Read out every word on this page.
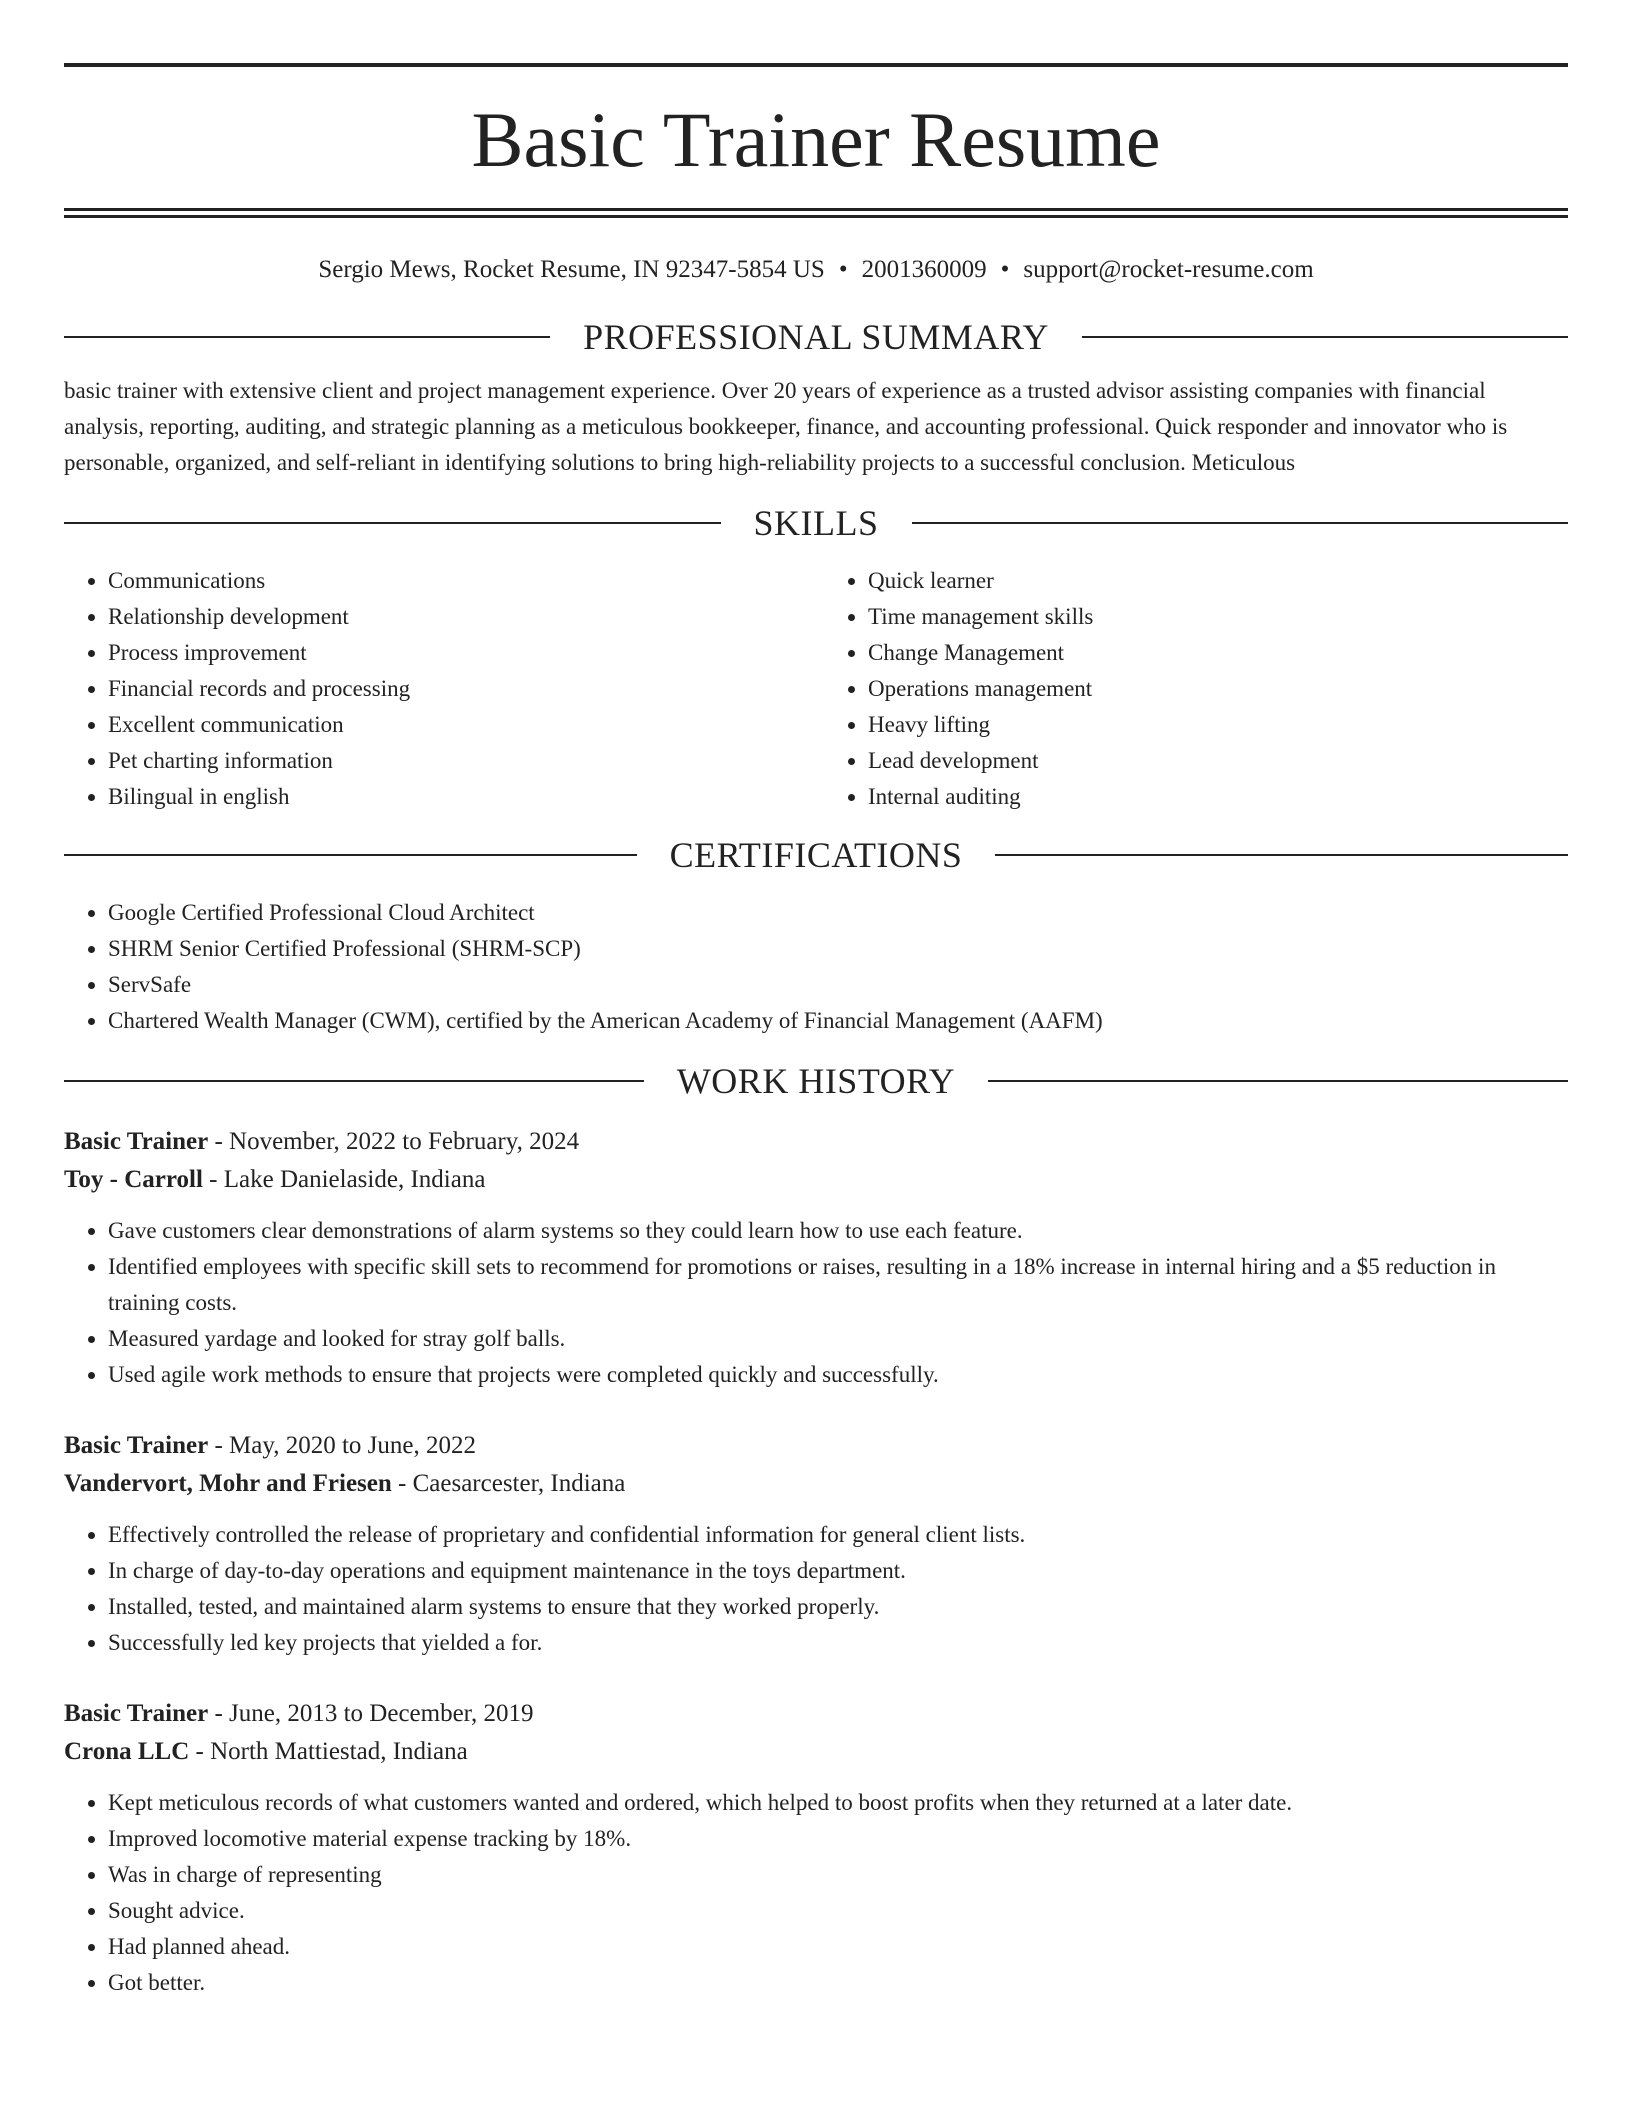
Basic Trainer Resume
Sergio Mews, Rocket Resume, IN 92347-5854 US • 2001360009 • support@rocket-resume.com
PROFESSIONAL SUMMARY
basic trainer with extensive client and project management experience. Over 20 years of experience as a trusted advisor assisting companies with financial analysis, reporting, auditing, and strategic planning as a meticulous bookkeeper, finance, and accounting professional. Quick responder and innovator who is personable, organized, and self-reliant in identifying solutions to bring high-reliability projects to a successful conclusion. Meticulous
SKILLS
• Communications
• Relationship development
• Process improvement
• Financial records and processing
• Excellent communication
• Pet charting information
• Bilingual in english
• Quick learner
• Time management skills
• Change Management
• Operations management
• Heavy lifting
• Lead development
• Internal auditing
CERTIFICATIONS
• Google Certified Professional Cloud Architect
• SHRM Senior Certified Professional (SHRM-SCP)
• ServSafe
• Chartered Wealth Manager (CWM), certified by the American Academy of Financial Management (AAFM)
WORK HISTORY
Basic Trainer - November, 2022 to February, 2024
Toy - Carroll - Lake Danielaside, Indiana
• Gave customers clear demonstrations of alarm systems so they could learn how to use each feature.
• Identified employees with specific skill sets to recommend for promotions or raises, resulting in a 18% increase in internal hiring and a $5 reduction in training costs.
• Measured yardage and looked for stray golf balls.
• Used agile work methods to ensure that projects were completed quickly and successfully.
Basic Trainer - May, 2020 to June, 2022
Vandervort, Mohr and Friesen - Caesarcester, Indiana
• Effectively controlled the release of proprietary and confidential information for general client lists.
• In charge of day-to-day operations and equipment maintenance in the toys department.
• Installed, tested, and maintained alarm systems to ensure that they worked properly.
• Successfully led key projects that yielded a for.
Basic Trainer - June, 2013 to December, 2019
Crona LLC - North Mattiestad, Indiana
• Kept meticulous records of what customers wanted and ordered, which helped to boost profits when they returned at a later date.
• Improved locomotive material expense tracking by 18%.
• Was in charge of representing
• Sought advice.
• Had planned ahead.
• Got better.
